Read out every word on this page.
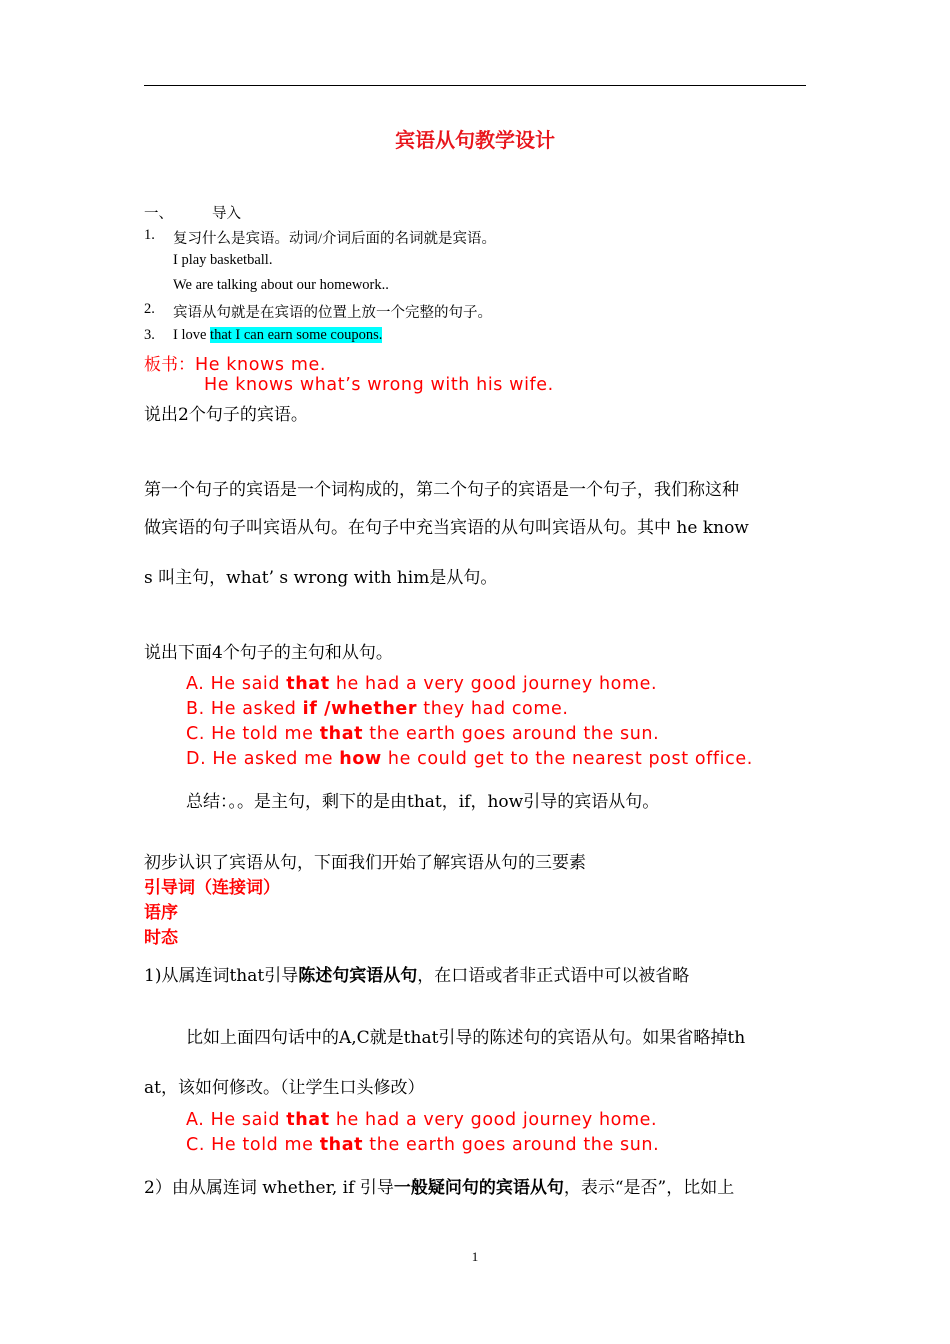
宾语从句教学设计
一、	导入
1. 复习什么是宾语。动词/介词后面的名词就是宾语。
I play basketball.
We are talking about our homework..
2. 宾语从句就是在宾语的位置上放一个完整的句子。
3. I love that I can earn some coupons.
板书：He knows me.
He knows what’s wrong with his wife.
说出2个句子的宾语。
第一个句子的宾语是一个词构成的，第二个句子的宾语是一个句子，我们称这种
做宾语的句子叫宾语从句。在句子中充当宾语的从句叫宾语从句。其中 he know
s 叫主句，what’ s wrong with him是从句。
说出下面4个句子的主句和从句。
A. He said that he had a very good journey home.
B. He asked if /whether they had come.
C. He told me that the earth goes around the sun.
D. He asked me how he could get to the nearest post office.
总结：。。是主句，剩下的是由that，if，how引导的宾语从句。
初步认识了宾语从句，下面我们开始了解宾语从句的三要素
引导词（连接词）
语序
时态
1)从属连词that引导陈述句宾语从句，在口语或者非正式语中可以被省略
比如上面四句话中的A,C就是that引导的陈述句的宾语从句。如果省略掉th
at，该如何修改。（让学生口头修改）
A. He said that he had a very good journey home.
C. He told me that the earth goes around the sun.
2）由从属连词 whether, if 引导一般疑问句的宾语从句，表示“是否”，比如上
1
